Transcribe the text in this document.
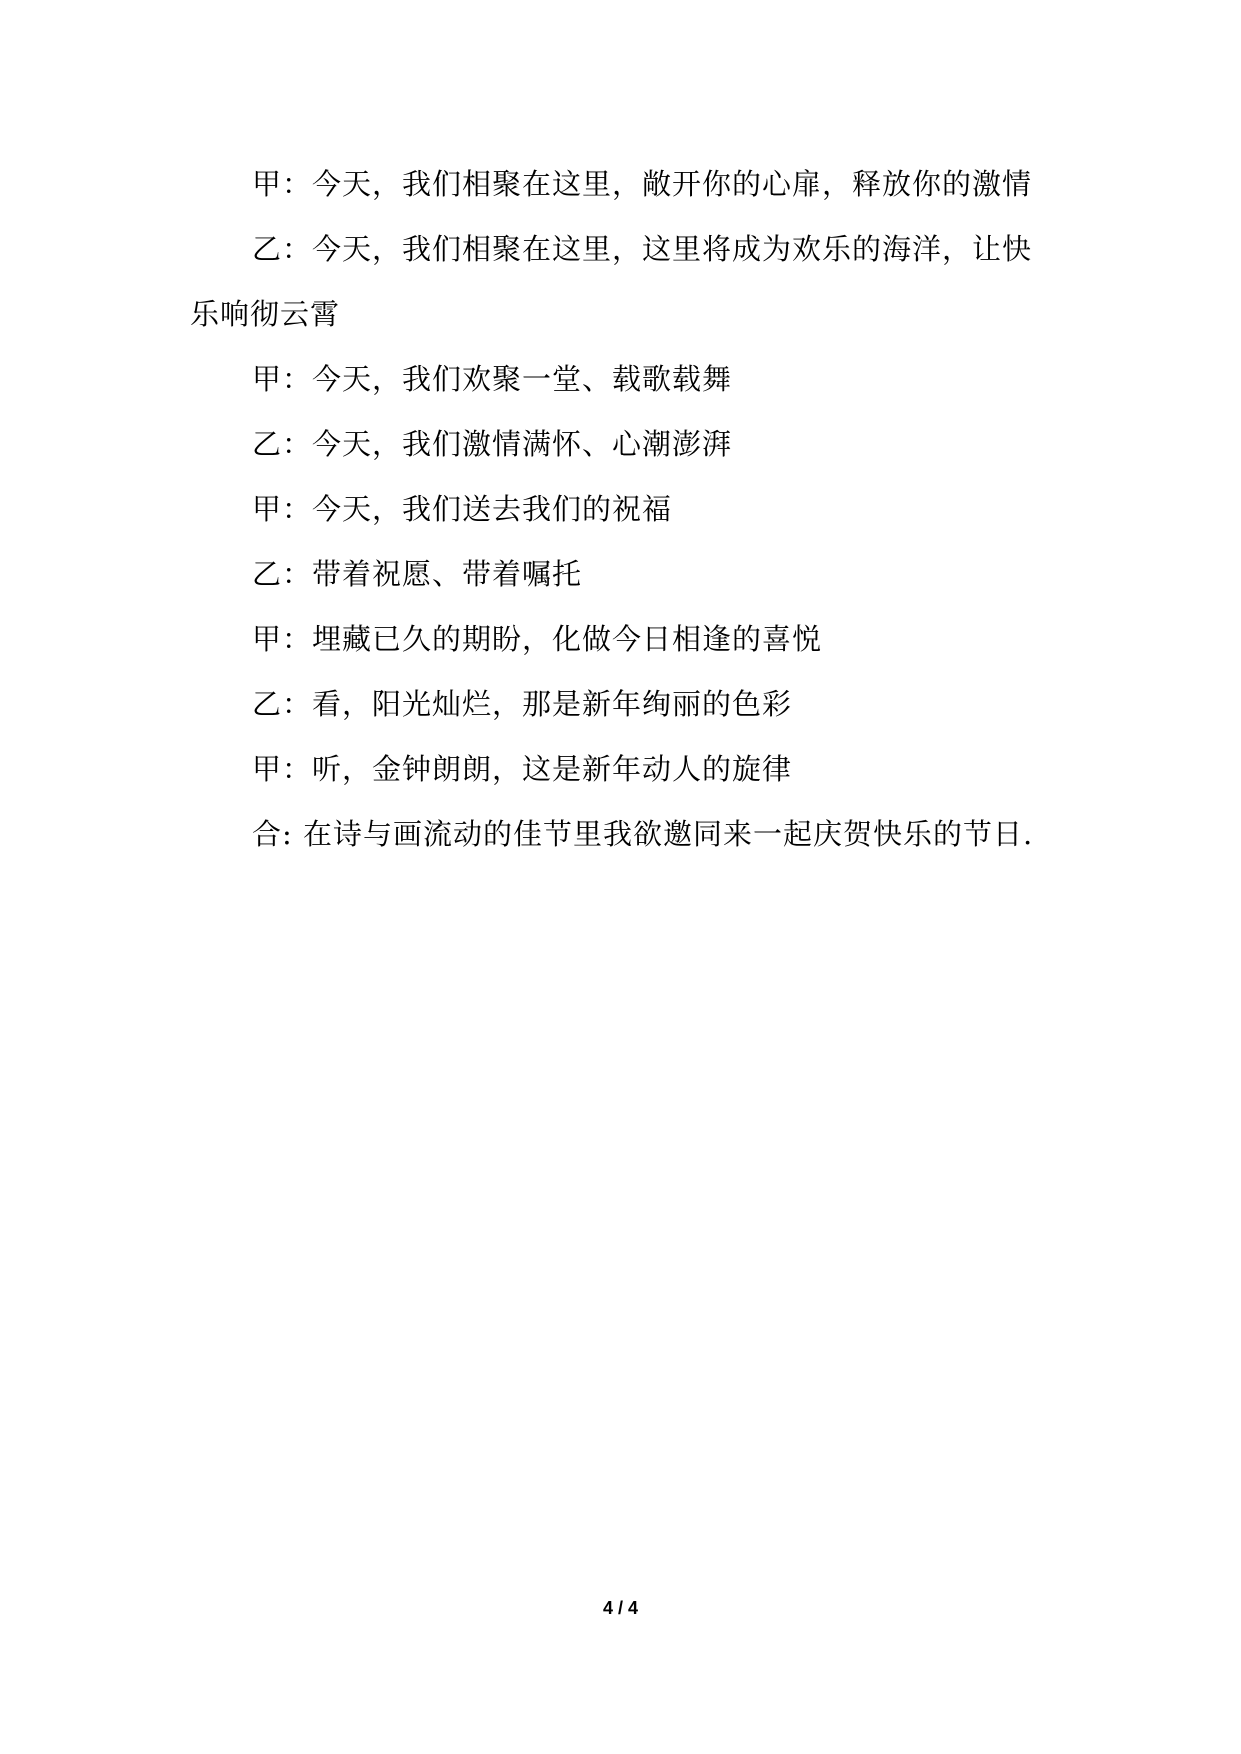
甲：今天，我们相聚在这里，敞开你的心扉，释放你的激情

乙：今天，我们相聚在这里，这里将成为欢乐的海洋，让快乐响彻云霄

甲：今天，我们欢聚一堂、载歌载舞

乙：今天，我们激情满怀、心潮澎湃

甲：今天，我们送去我们的祝福

乙：带着祝愿、带着嘱托

甲：埋藏已久的期盼，化做今日相逢的喜悦

乙：看，阳光灿烂，那是新年绚丽的色彩

甲：听，金钟朗朗，这是新年动人的旋律

合: 在诗与画流动的佳节里我欲邀同来一起庆贺快乐的节日.

4 / 4
